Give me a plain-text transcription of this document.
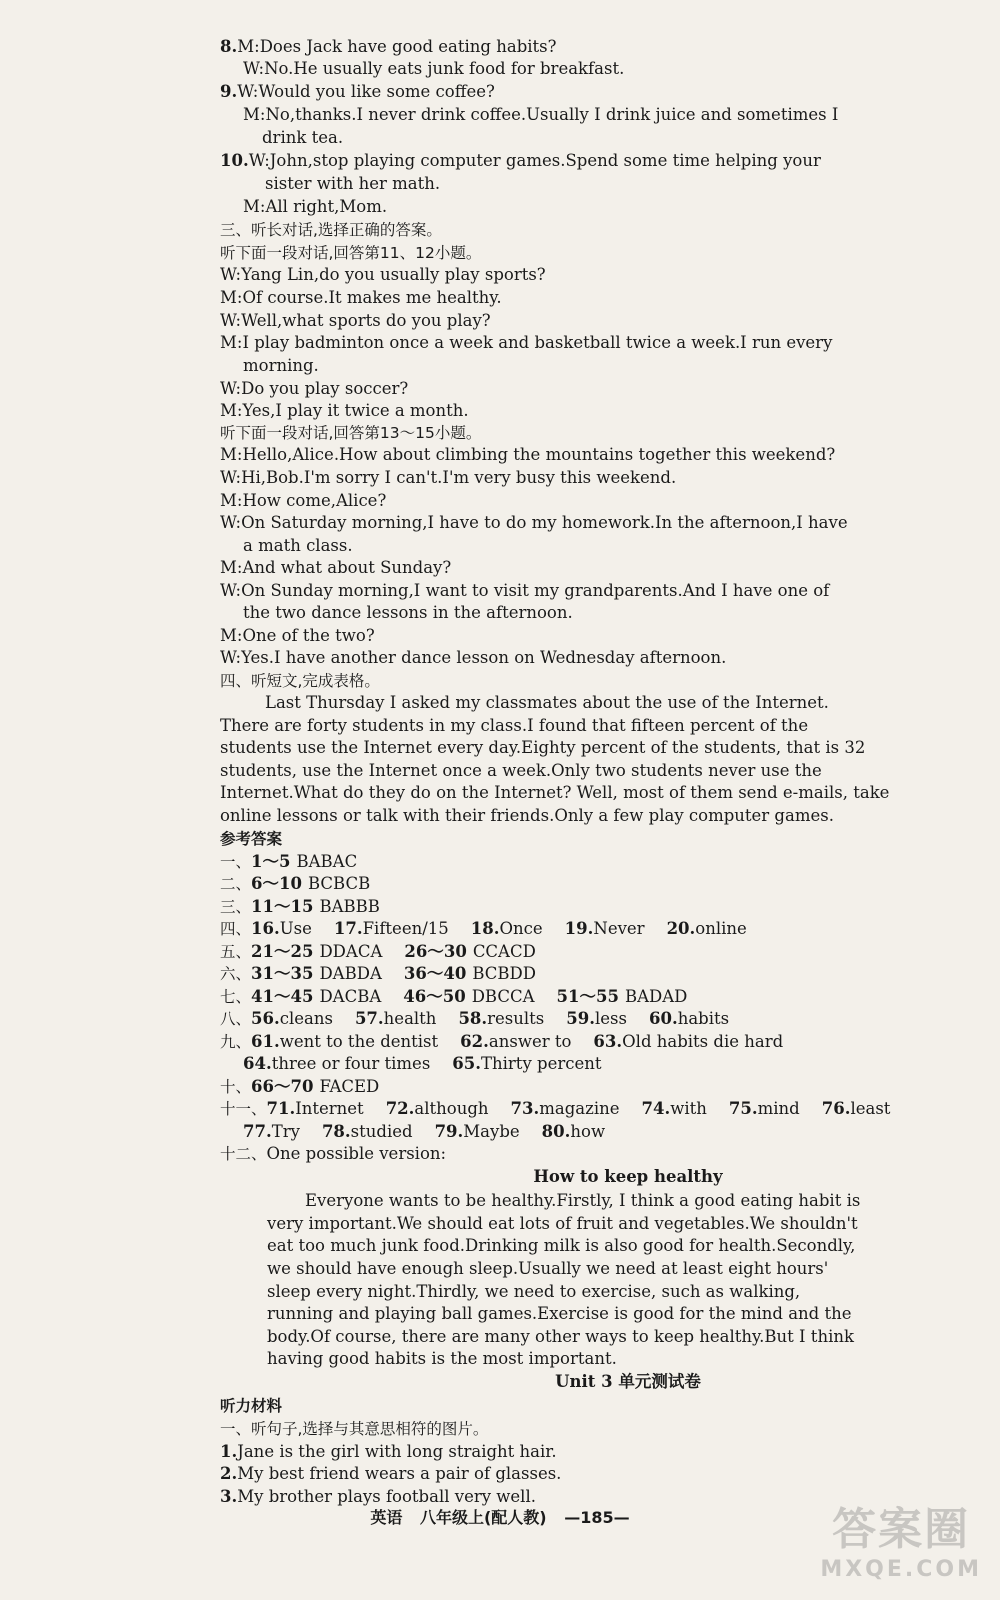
8.M:Does Jack have good eating habits?
W:No.He usually eats junk food for breakfast.
9.W:Would you like some coffee?
M:No,thanks.I never drink coffee.Usually I drink juice and sometimes I
drink tea.
10.W:John,stop playing computer games.Spend some time helping your
sister with her math.
M:All right,Mom.
三、听长对话,选择正确的答案。
听下面一段对话,回答第11、12小题。
W:Yang Lin,do you usually play sports?
M:Of course.It makes me healthy.
W:Well,what sports do you play?
M:I play badminton once a week and basketball twice a week.I run every
morning.
W:Do you play soccer?
M:Yes,I play it twice a month.
听下面一段对话,回答第13～15小题。
M:Hello,Alice.How about climbing the mountains together this weekend?
W:Hi,Bob.I'm sorry I can't.I'm very busy this weekend.
M:How come,Alice?
W:On Saturday morning,I have to do my homework.In the afternoon,I have
a math class.
M:And what about Sunday?
W:On Sunday morning,I want to visit my grandparents.And I have one of
the two dance lessons in the afternoon.
M:One of the two?
W:Yes.I have another dance lesson on Wednesday afternoon.
四、听短文,完成表格。
Last Thursday I asked my classmates about the use of the Internet.
There are forty students in my class.I found that fifteen percent of the
students use the Internet every day.Eighty percent of the students, that is 32
students, use the Internet once a week.Only two students never use the
Internet.What do they do on the Internet? Well, most of them send e-mails, take
online lessons or talk with their friends.Only a few play computer games.
参考答案
一、1～5 BABAC
二、6～10 BCBCB
三、11～15 BABBB
四、16.Use 17.Fifteen/15 18.Once 19.Never 20.online
五、21～25 DDACA 26～30 CCACD
六、31～35 DABDA 36～40 BCBDD
七、41～45 DACBA 46～50 DBCCA 51～55 BADAD
八、56.cleans 57.health 58.results 59.less 60.habits
九、61.went to the dentist 62.answer to 63.Old habits die hard
64.three or four times 65.Thirty percent
十、66～70 FACED
十一、71.Internet 72.although 73.magazine 74.with 75.mind 76.least
77.Try 78.studied 79.Maybe 80.how
十二、One possible version:
How to keep healthy
Everyone wants to be healthy.Firstly, I think a good eating habit is
very important.We should eat lots of fruit and vegetables.We shouldn't
eat too much junk food.Drinking milk is also good for health.Secondly,
we should have enough sleep.Usually we need at least eight hours'
sleep every night.Thirdly, we need to exercise, such as walking,
running and playing ball games.Exercise is good for the mind and the
body.Of course, there are many other ways to keep healthy.But I think
having good habits is the most important.
Unit 3 单元测试卷
听力材料
一、听句子,选择与其意思相符的图片。
1.Jane is the girl with long straight hair.
2.My best friend wears a pair of glasses.
3.My brother plays football very well.
英语 八年级上(配人教) —185—	答案圈
MXQE.COM
